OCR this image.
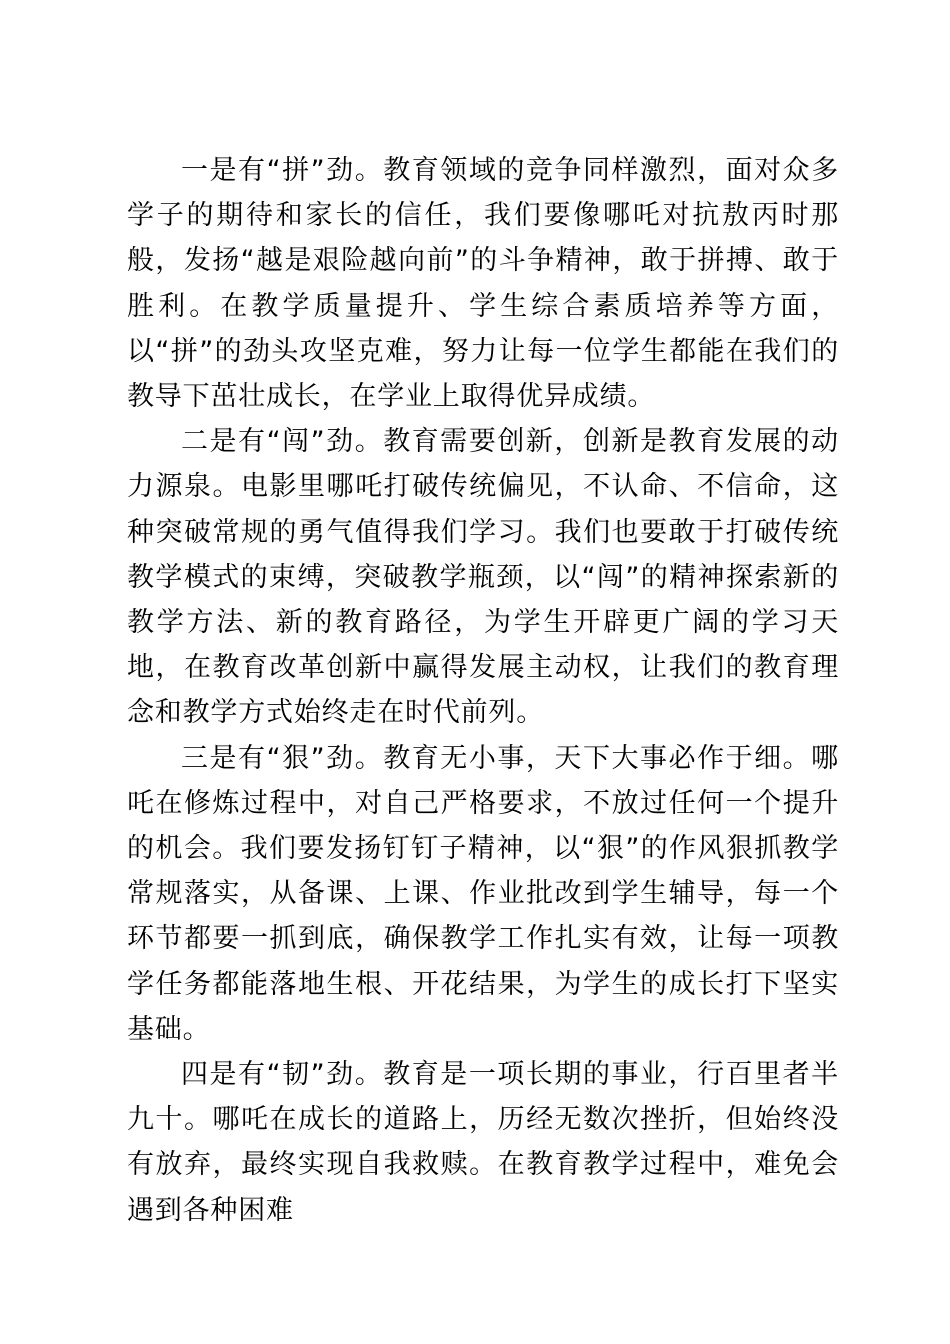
一是有“拼”劲。教育领域的竞争同样激烈，面对众多学子的期待和家长的信任，我们要像哪吒对抗敖丙时那般，发扬“越是艰险越向前”的斗争精神，敢于拼搏、敢于胜利。在教学质量提升、学生综合素质培养等方面，以“拼”的劲头攻坚克难，努力让每一位学生都能在我们的教导下茁壮成长，在学业上取得优异成绩。

二是有“闯”劲。教育需要创新，创新是教育发展的动力源泉。电影里哪吒打破传统偏见，不认命、不信命，这种突破常规的勇气值得我们学习。我们也要敢于打破传统教学模式的束缚，突破教学瓶颈，以“闯”的精神探索新的教学方法、新的教育路径，为学生开辟更广阔的学习天地，在教育改革创新中赢得发展主动权，让我们的教育理念和教学方式始终走在时代前列。

三是有“狠”劲。教育无小事，天下大事必作于细。哪吒在修炼过程中，对自己严格要求，不放过任何一个提升的机会。我们要发扬钉钉子精神，以“狠”的作风狠抓教学常规落实，从备课、上课、作业批改到学生辅导，每一个环节都要一抓到底，确保教学工作扎实有效，让每一项教学任务都能落地生根、开花结果，为学生的成长打下坚实基础。

四是有“韧”劲。教育是一项长期的事业，行百里者半九十。哪吒在成长的道路上，历经无数次挫折，但始终没有放弃，最终实现自我救赎。在教育教学过程中，难免会遇到各种困难
